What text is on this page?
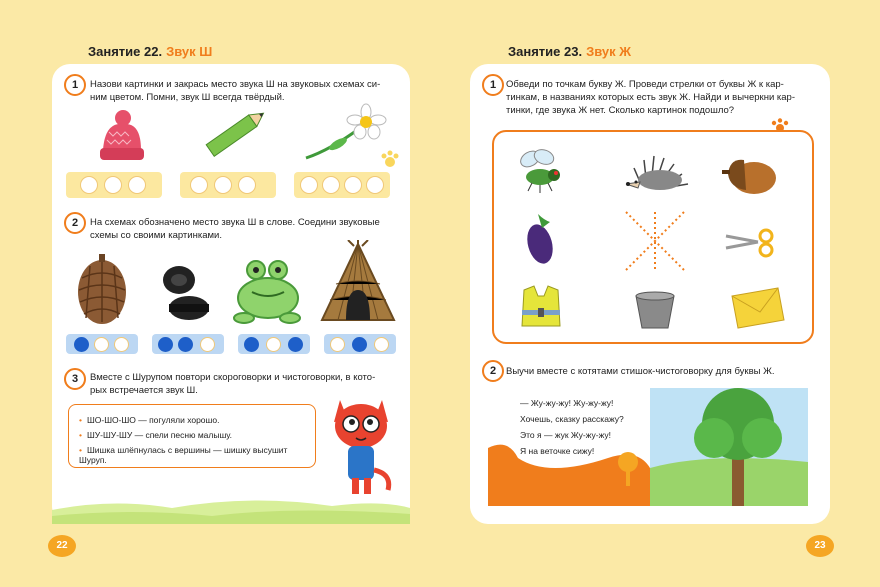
Занятие 22. Звук Ш
1	Назови картинки и закрась место звука Ш на звуковых схемах си-
ним цветом. Помни, звук Ш всегда твёрдый.
2	На схемах обозначено место звука Ш в слове. Соедини звуковые
схемы со своими картинками.
3	Вместе с Шурупом повтори скороговорки и чистоговорки, в кото-
рых встречается звук Ш.
• ШО-ШО-ШО — погуляли хорошо.
• ШУ-ШУ-ШУ — спели песню малышу.
• Шишка шлёпнулась с вершины — шишку высушит Шуруп.
22
Занятие 23. Звук Ж
1	Обведи по точкам букву Ж. Проведи стрелки от буквы Ж к кар-
тинкам, в названиях которых есть звук Ж. Найди и вычеркни кар-
тинки, где звука Ж нет. Сколько картинок подошло?
2	Выучи вместе с котятами стишок-чистоговорку для буквы Ж.
— Жу-жу-жу! Жу-жу-жу!
Хочешь, сказку расскажу?
Это я — жук Жу-жу-жу!
Я на веточке сижу!
23
